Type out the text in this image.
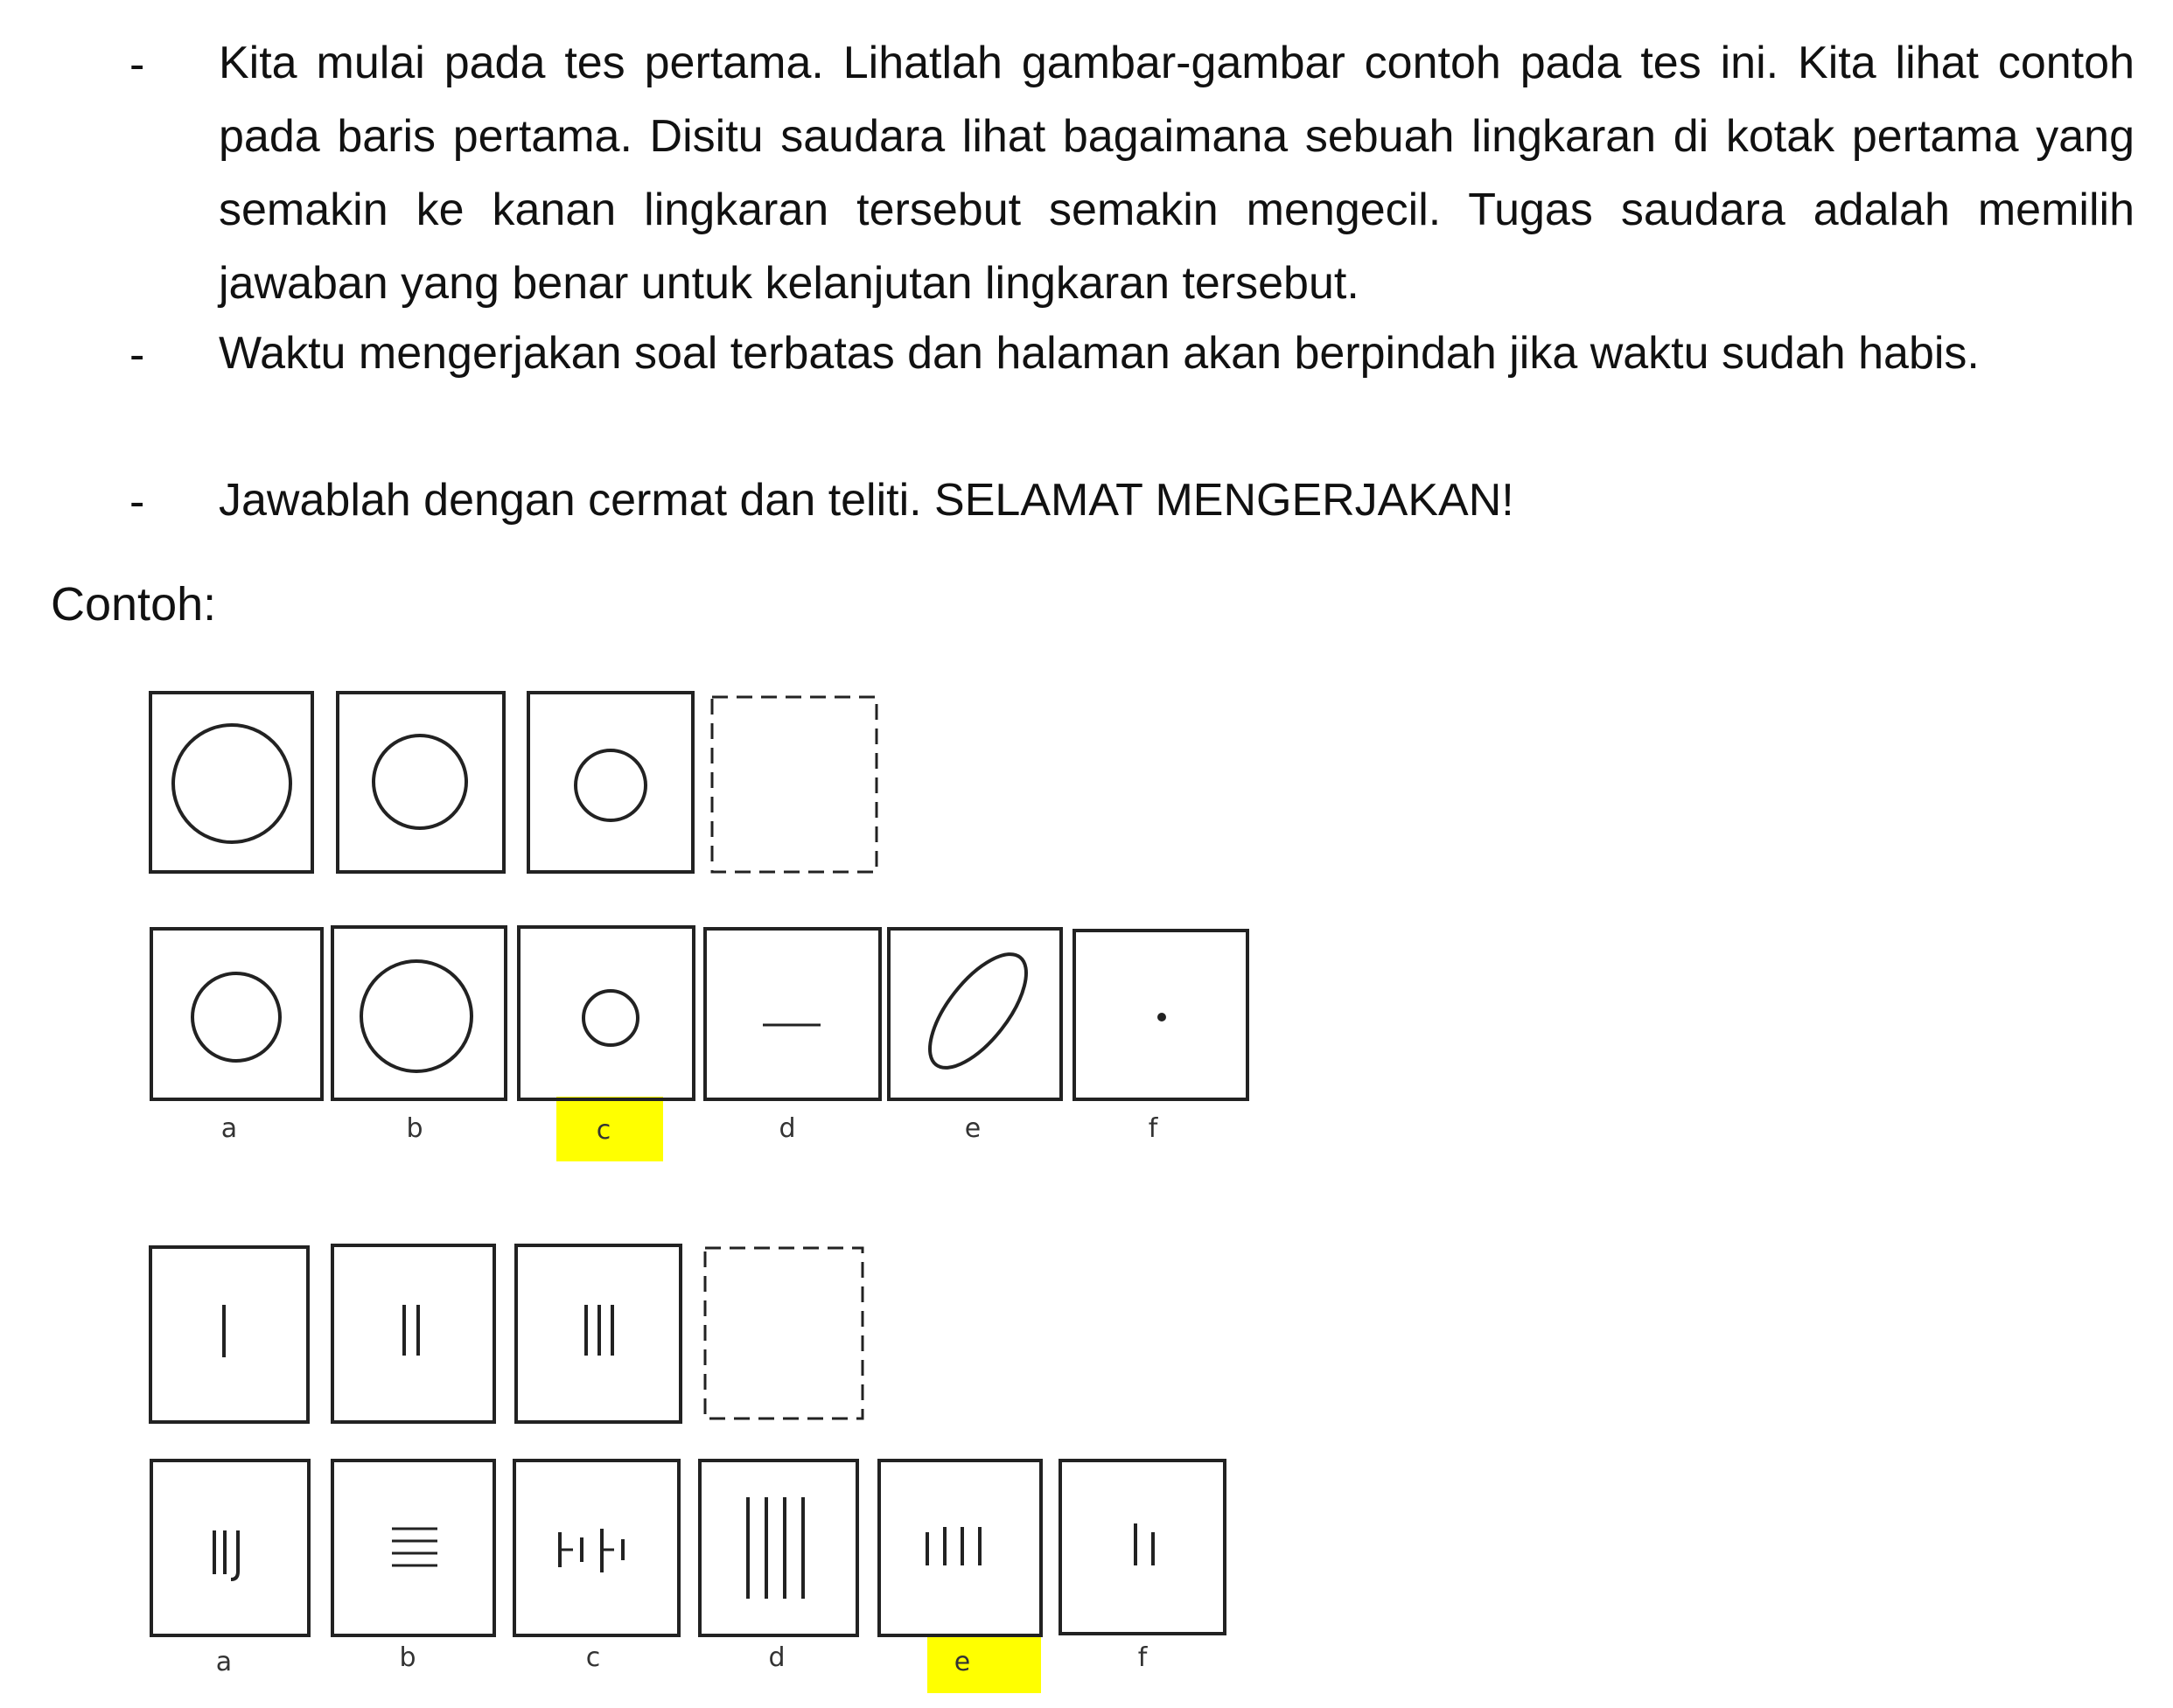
- Kita mulai pada tes pertama. Lihatlah gambar-gambar contoh pada tes ini. Kita lihat contoh pada baris pertama. Disitu saudara lihat bagaimana sebuah lingkaran di kotak pertama yang semakin ke kanan lingkaran tersebut semakin mengecil. Tugas saudara adalah memilih jawaban yang benar untuk kelanjutan lingkaran tersebut.
- Waktu mengerjakan soal terbatas dan halaman akan berpindah jika waktu sudah habis.
- Jawablah dengan cermat dan teliti. SELAMAT MENGERJAKAN!
Contoh:
a	b	c	d	e	f
a	b	c	d	e	f
